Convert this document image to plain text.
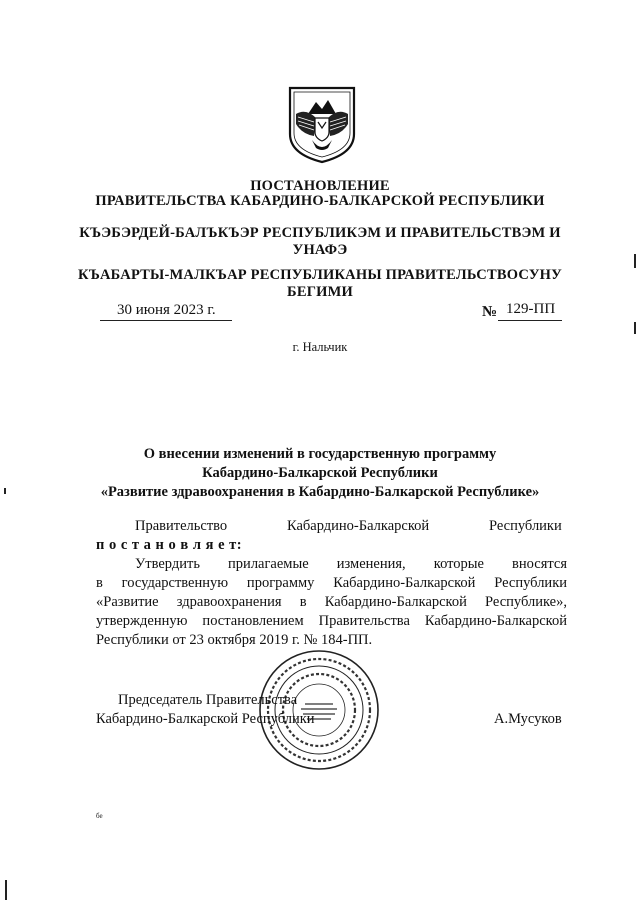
ПОСТАНОВЛЕНИЕ
ПРАВИТЕЛЬСТВА КАБАРДИНО-БАЛКАРСКОЙ РЕСПУБЛИКИ
КЪЭБЭРДЕЙ-БАЛЪКЪЭР РЕСПУБЛИКЭМ И ПРАВИТЕЛЬСТВЭМ И
УНАФЭ
КЪАБАРТЫ-МАЛКЪАР РЕСПУБЛИКАНЫ ПРАВИТЕЛЬСТВОСУНУ
БЕГИМИ
30 июня 2023 г.	№ 129-ПП
г. Нальчик
О внесении изменений в государственную программу
Кабардино-Балкарской Республики
«Развитие здравоохранения в Кабардино-Балкарской Республике»
Правительство	Кабардино-Балкарской	Республики
п о с т а н о в л я е т:
Утвердить    прилагаемые    изменения,    которые    вносятся
в государственную программу Кабардино-Балкарской Республики
«Развитие здравоохранения в Кабардино-Балкарской Республике»,
утвержденную постановлением Правительства Кабардино-Балкарской
Республики от 23 октября 2019 г. № 184-ПП.
Председатель Правительства
Кабардино-Балкарской Республики	А.Мусуков
бе
